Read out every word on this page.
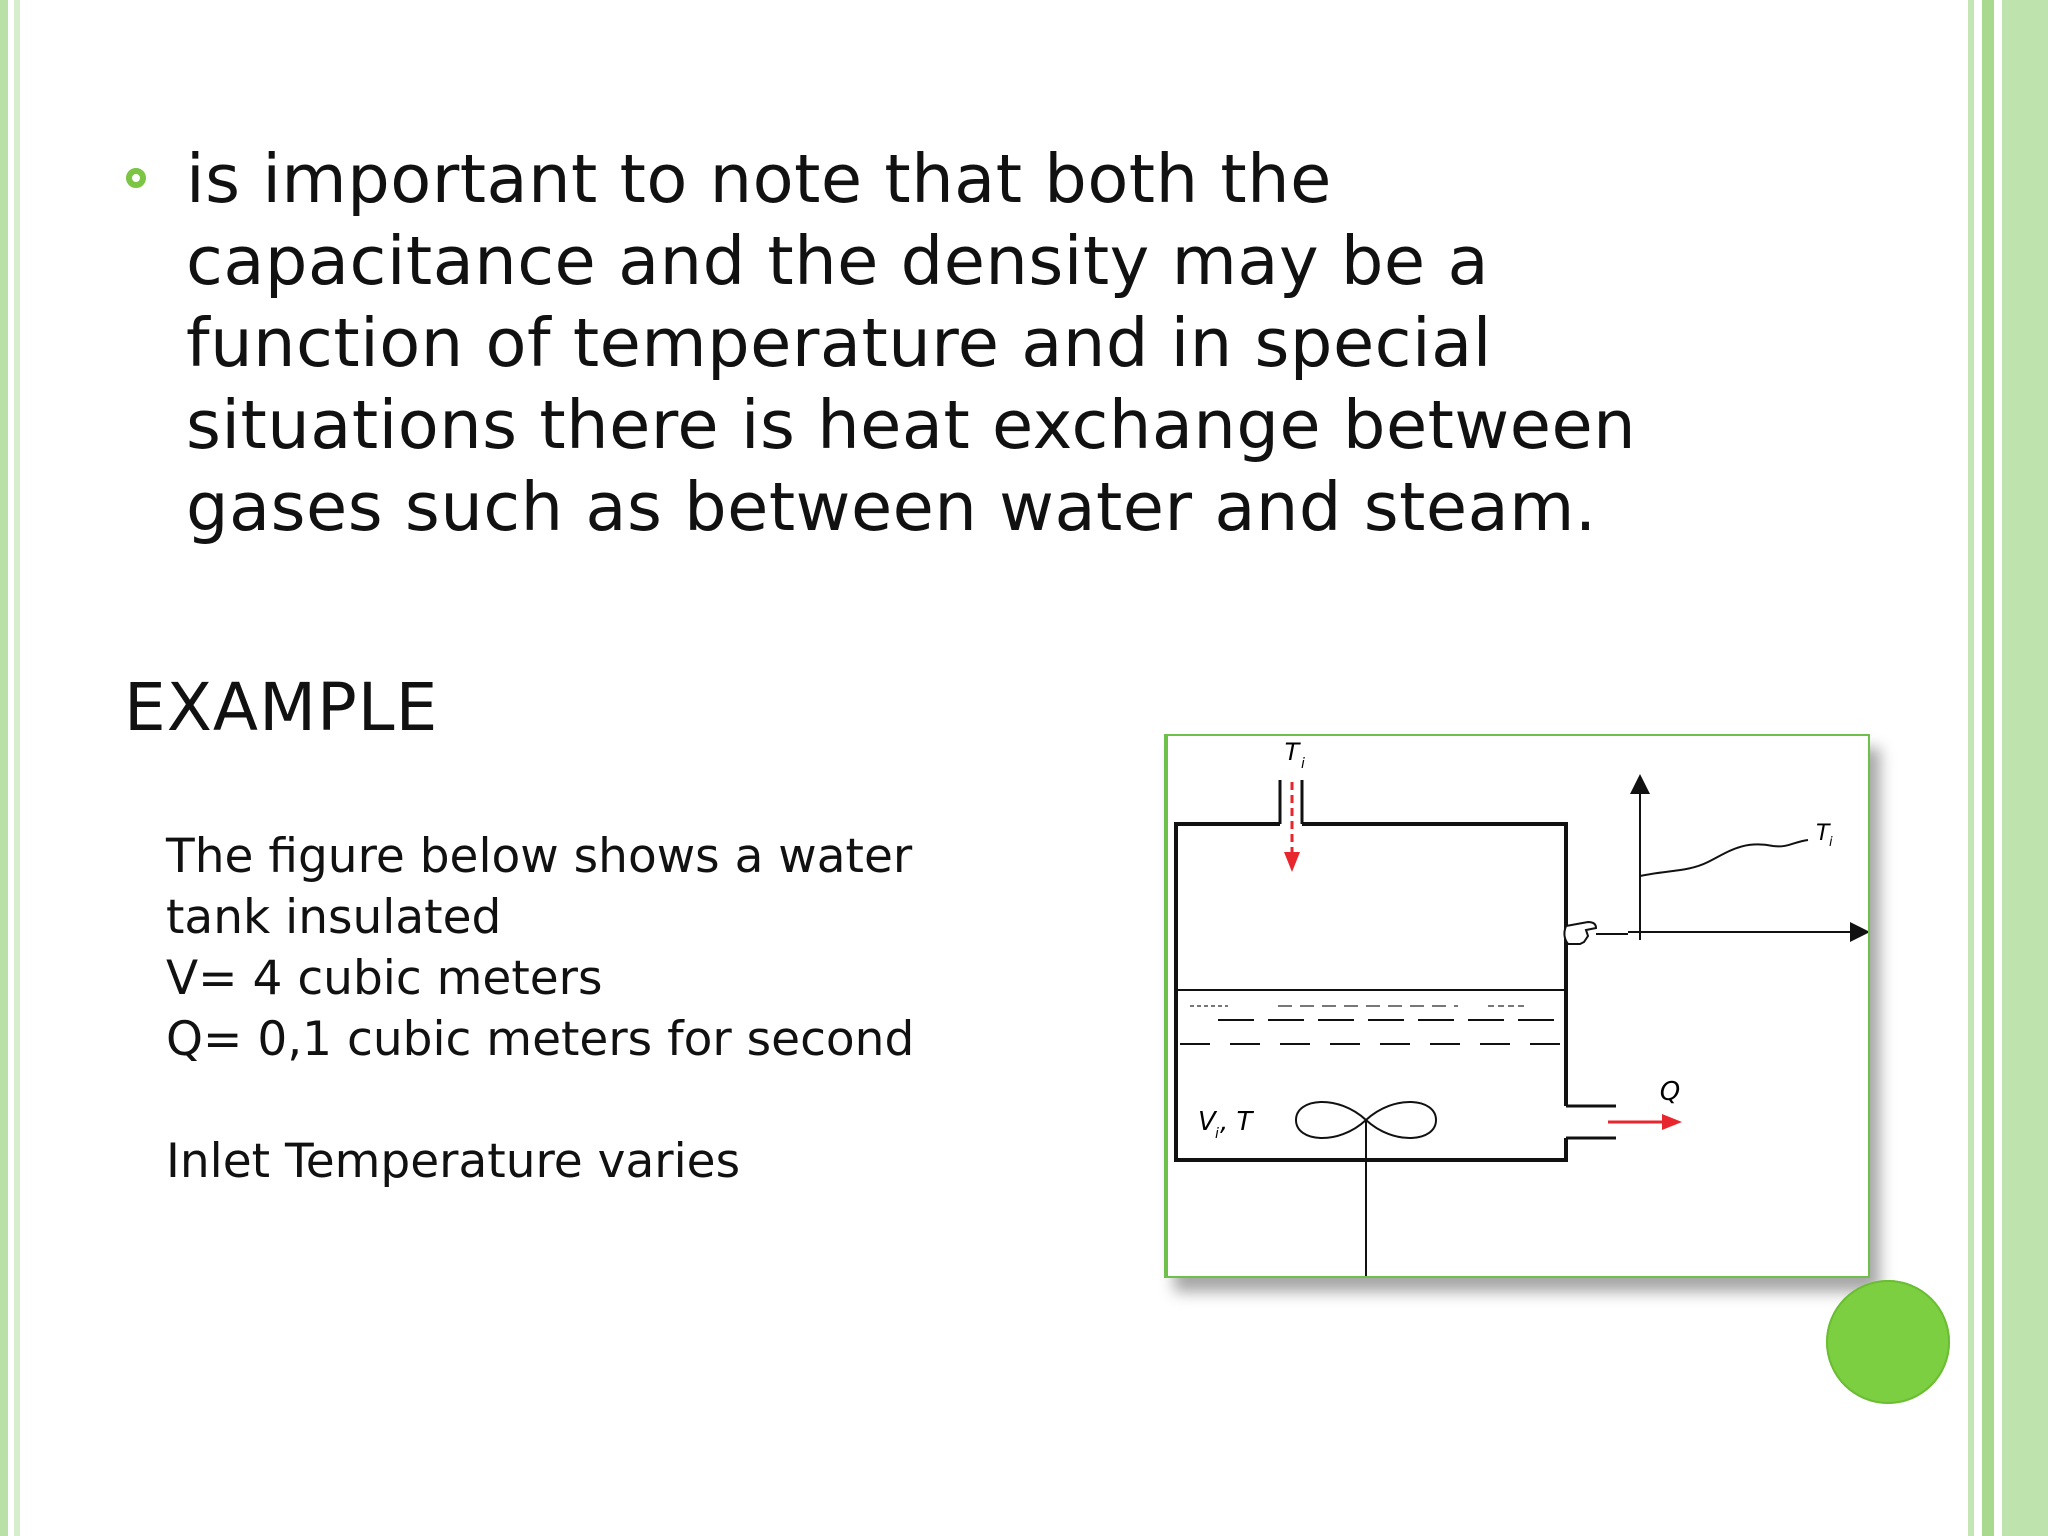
is important to note that both the capacitance and the density may be a function of temperature and in special situations there is heat exchange between gases such as between water and steam.
EXAMPLE
The figure below shows a water
tank insulated
V= 4 cubic meters
Q= 0,1 cubic meters for second
Inlet Temperature varies
T i
V i , T
Q
T i
